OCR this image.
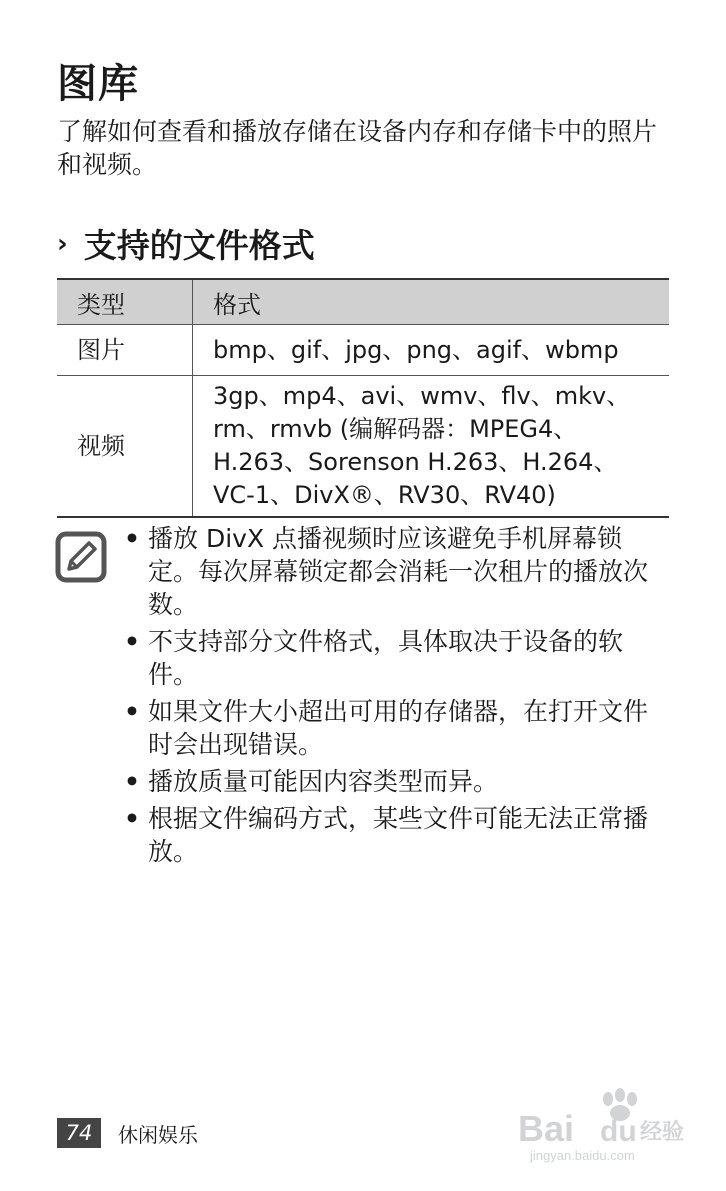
图库

了解如何查看和播放存储在设备内存和存储卡中的照片和视频。

› 支持的文件格式
类型	格式
图片	bmp、gif、jpg、png、agif、wbmp
视频	3gp、mp4、avi、wmv、flv、mkv、rm、rmvb (编解码器：MPEG4、H.263、Sorenson H.263、H.264、VC-1、DivX®、RV30、RV40)
• 播放 DivX 点播视频时应该避免手机屏幕锁定。每次屏幕锁定都会消耗一次租片的播放次数。
• 不支持部分文件格式，具体取决于设备的软件。
• 如果文件大小超出可用的存储器，在打开文件时会出现错误。
• 播放质量可能因内容类型而异。
• 根据文件编码方式，某些文件可能无法正常播放。
74	休闲娱乐	Bai du 经验
jingyan.baidu.com
